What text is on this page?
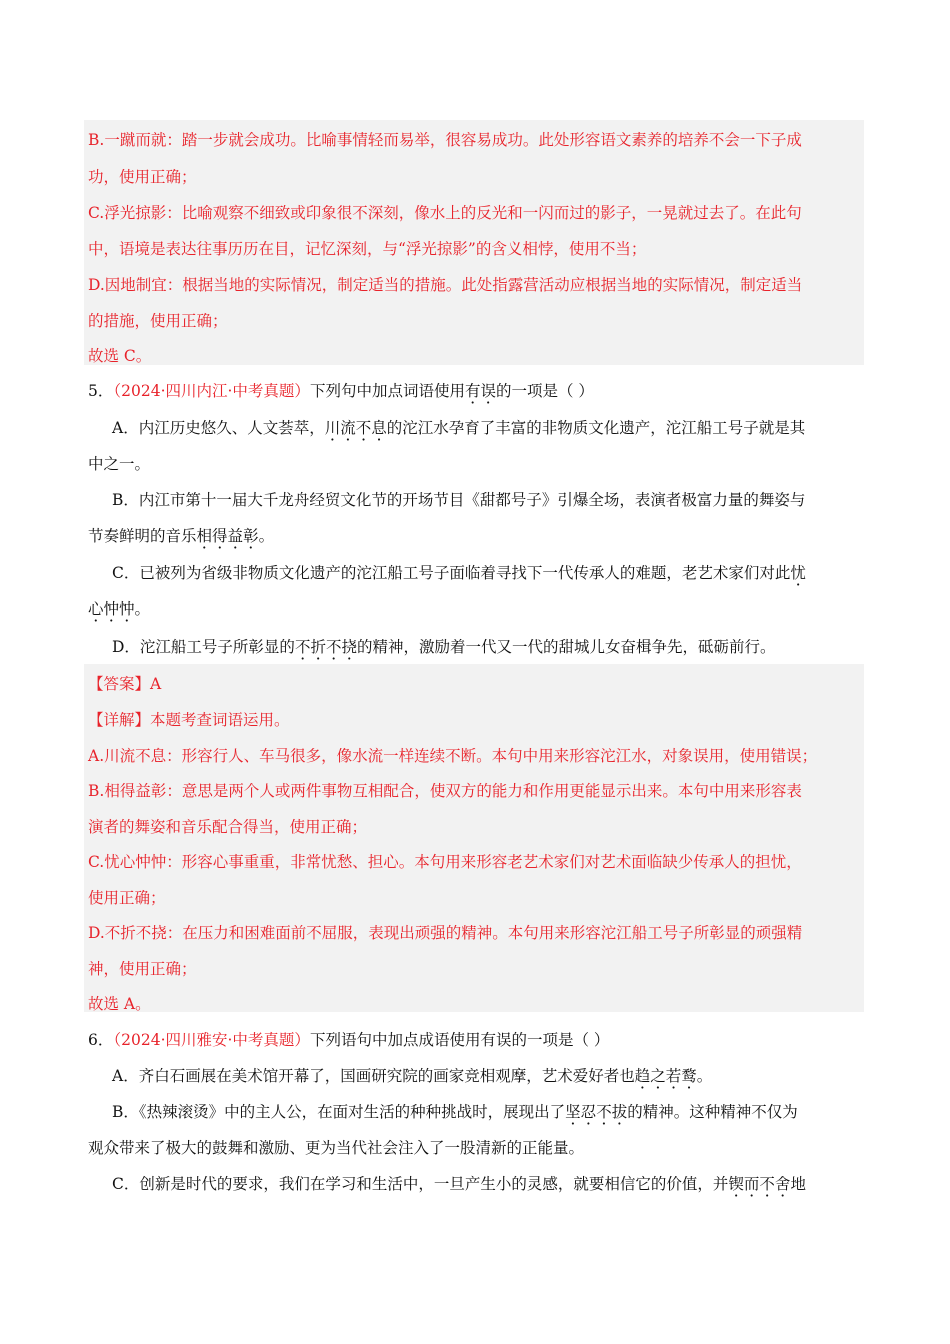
B.一蹴而就：踏一步就会成功。比喻事情轻而易举，很容易成功。此处形容语文素养的培养不会一下子成
功，使用正确；
C.浮光掠影：比喻观察不细致或印象很不深刻，像水上的反光和一闪而过的影子，一晃就过去了。在此句
中，语境是表达往事历历在目，记忆深刻，与“浮光掠影”的含义相悖，使用不当；
D.因地制宜：根据当地的实际情况，制定适当的措施。此处指露营活动应根据当地的实际情况，制定适当
的措施，使用正确；
故选 C。
5．（2024·四川内江·中考真题）下列句中加点词语使用有误的一项是（ ）
A．内江历史悠久、人文荟萃，川流不息的沱江水孕育了丰富的非物质文化遗产，沱江船工号子就是其
中之一。
B．内江市第十一届大千龙舟经贸文化节的开场节目《甜都号子》引爆全场，表演者极富力量的舞姿与
节奏鲜明的音乐相得益彰。
C．已被列为省级非物质文化遗产的沱江船工号子面临着寻找下一代传承人的难题，老艺术家们对此忧
心忡忡。
D．沱江船工号子所彰显的不折不挠的精神，激励着一代又一代的甜城儿女奋楫争先，砥砺前行。
【答案】A
【详解】本题考查词语运用。
A.川流不息：形容行人、车马很多，像水流一样连续不断。本句中用来形容沱江水，对象误用，使用错误；
B.相得益彰：意思是两个人或两件事物互相配合，使双方的能力和作用更能显示出来。本句中用来形容表
演者的舞姿和音乐配合得当，使用正确；
C.忧心忡忡：形容心事重重，非常忧愁、担心。本句用来形容老艺术家们对艺术面临缺少传承人的担忧，
使用正确；
D.不折不挠：在压力和困难面前不屈服，表现出顽强的精神。本句用来形容沱江船工号子所彰显的顽强精
神，使用正确；
故选 A。
6．（2024·四川雅安·中考真题）下列语句中加点成语使用有误的一项是（ ）
A．齐白石画展在美术馆开幕了，国画研究院的画家竞相观摩，艺术爱好者也趋之若鹜。
B．《热辣滚烫》中的主人公，在面对生活的种种挑战时，展现出了坚忍不拔的精神。这种精神不仅为
观众带来了极大的鼓舞和激励、更为当代社会注入了一股清新的正能量。
C．创新是时代的要求，我们在学习和生活中，一旦产生小的灵感，就要相信它的价值，并锲而不舍地
